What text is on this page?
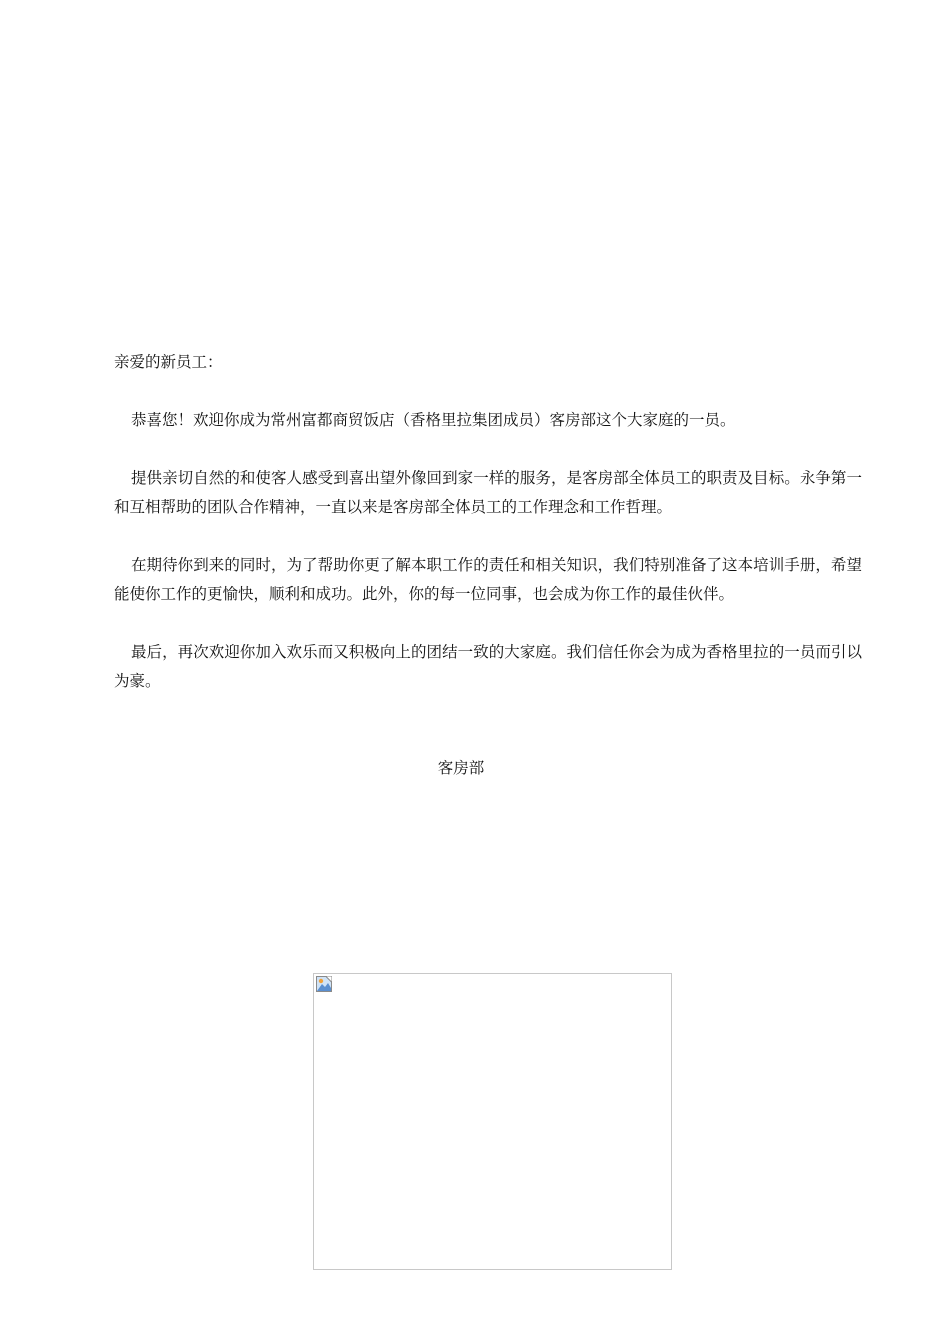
亲爱的新员工：

恭喜您！欢迎你成为常州富都商贸饭店（香格里拉集团成员）客房部这个大家庭的一员。

提供亲切自然的和使客人感受到喜出望外像回到家一样的服务，是客房部全体员工的职责及目标。永争第一和互相帮助的团队合作精神，一直以来是客房部全体员工的工作理念和工作哲理。

在期待你到来的同时，为了帮助你更了解本职工作的责任和相关知识，我们特别准备了这本培训手册，希望能使你工作的更愉快，顺利和成功。此外，你的每一位同事，也会成为你工作的最佳伙伴。

最后，再次欢迎你加入欢乐而又积极向上的团结一致的大家庭。我们信任你会为成为香格里拉的一员而引以为豪。

客房部
